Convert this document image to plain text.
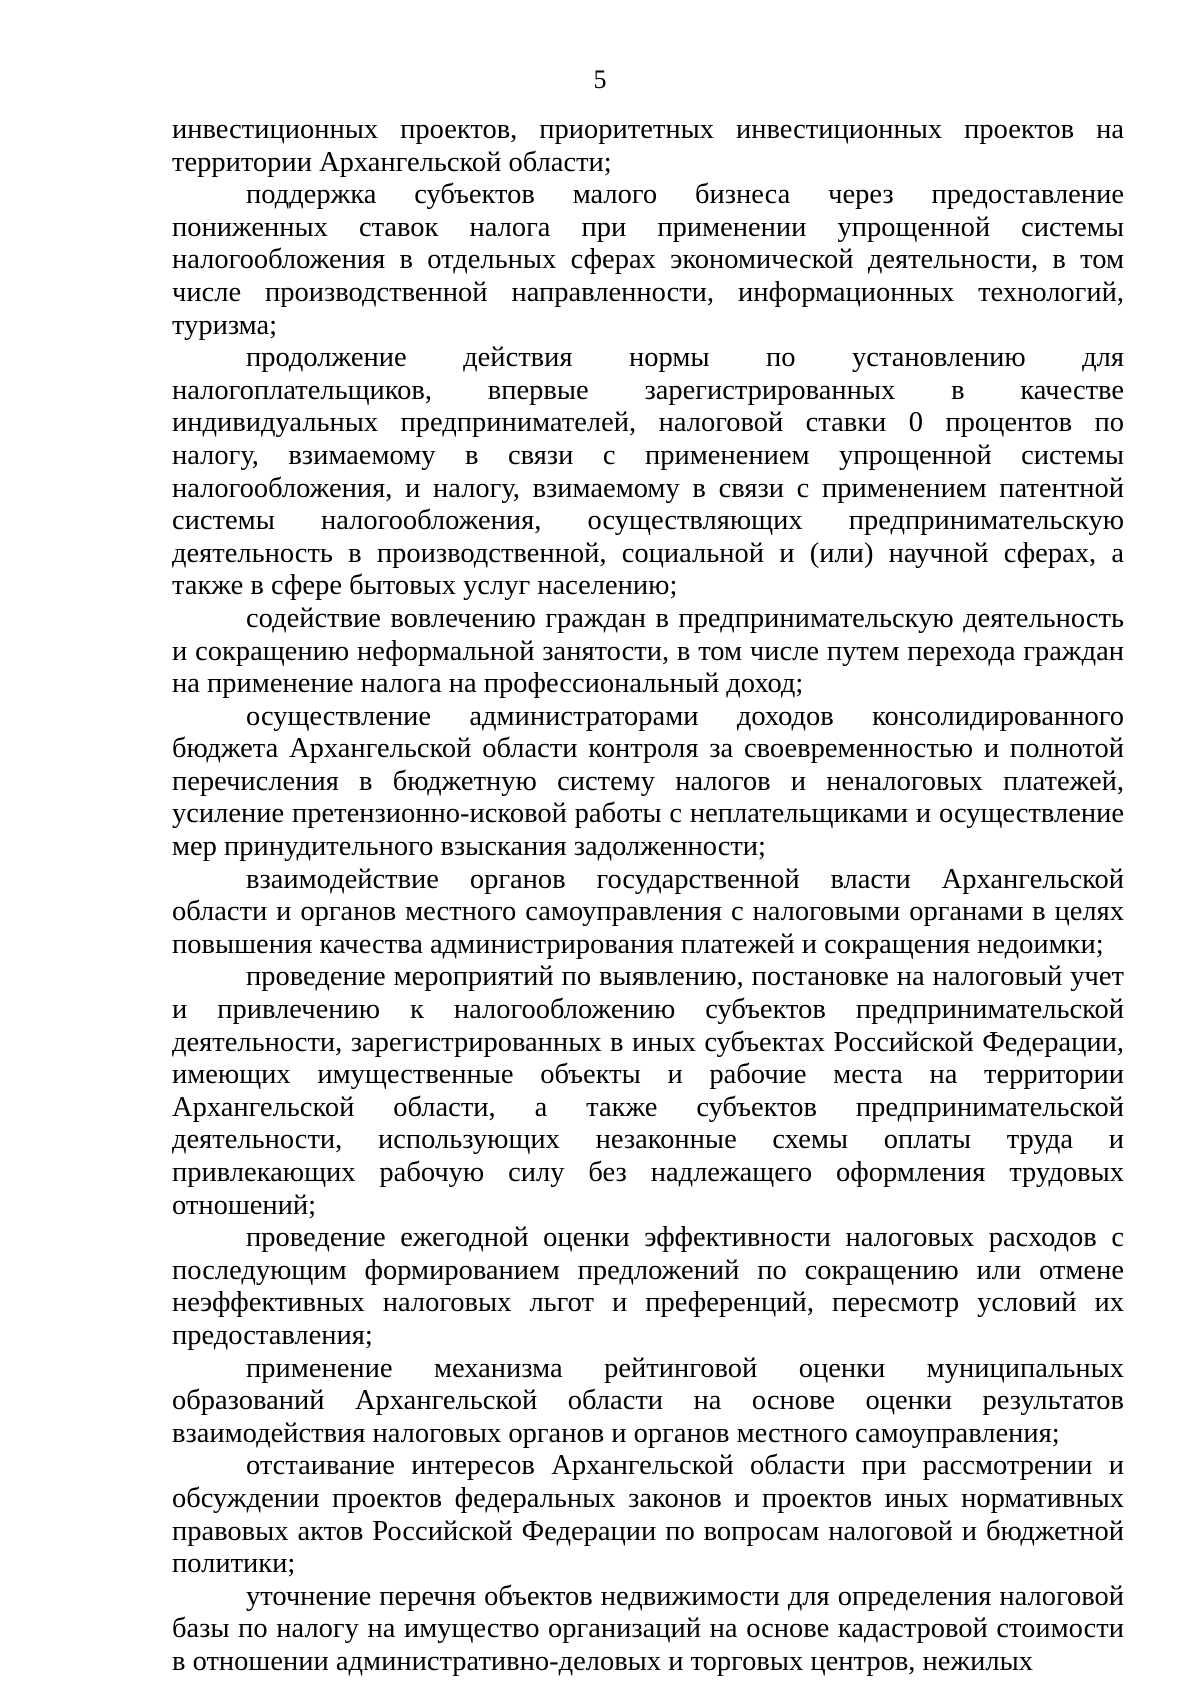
5

инвестиционных проектов, приоритетных инвестиционных проектов на территории Архангельской области;

поддержка субъектов малого бизнеса через предоставление пониженных ставок налога при применении упрощенной системы налогообложения в отдельных сферах экономической деятельности, в том числе производственной направленности, информационных технологий, туризма;

продолжение действия нормы по установлению для налогоплательщиков, впервые зарегистрированных в качестве индивидуальных предпринимателей, налоговой ставки 0 процентов по налогу, взимаемому в связи с применением упрощенной системы налогообложения, и налогу, взимаемому в связи с применением патентной системы налогообложения, осуществляющих предпринимательскую деятельность в производственной, социальной и (или) научной сферах, а также в сфере бытовых услуг населению;

содействие вовлечению граждан в предпринимательскую деятельность и сокращению неформальной занятости, в том числе путем перехода граждан на применение налога на профессиональный доход;

осуществление администраторами доходов консолидированного бюджета Архангельской области контроля за своевременностью и полнотой перечисления в бюджетную систему налогов и неналоговых платежей, усиление претензионно-исковой работы с неплательщиками и осуществление мер принудительного взыскания задолженности;

взаимодействие органов государственной власти Архангельской области и органов местного самоуправления с налоговыми органами в целях повышения качества администрирования платежей и сокращения недоимки;

проведение мероприятий по выявлению, постановке на налоговый учет и привлечению к налогообложению субъектов предпринимательской деятельности, зарегистрированных в иных субъектах Российской Федерации, имеющих имущественные объекты и рабочие места на территории Архангельской области, а также субъектов предпринимательской деятельности, использующих незаконные схемы оплаты труда и привлекающих рабочую силу без надлежащего оформления трудовых отношений;

проведение ежегодной оценки эффективности налоговых расходов с последующим формированием предложений по сокращению или отмене неэффективных налоговых льгот и преференций, пересмотр условий их предоставления;

применение механизма рейтинговой оценки муниципальных образований Архангельской области на основе оценки результатов взаимодействия налоговых органов и органов местного самоуправления;

отстаивание интересов Архангельской области при рассмотрении и обсуждении проектов федеральных законов и проектов иных нормативных правовых актов Российской Федерации по вопросам налоговой и бюджетной политики;

уточнение перечня объектов недвижимости для определения налоговой базы по налогу на имущество организаций на основе кадастровой стоимости в отношении административно-деловых и торговых центров, нежилых
